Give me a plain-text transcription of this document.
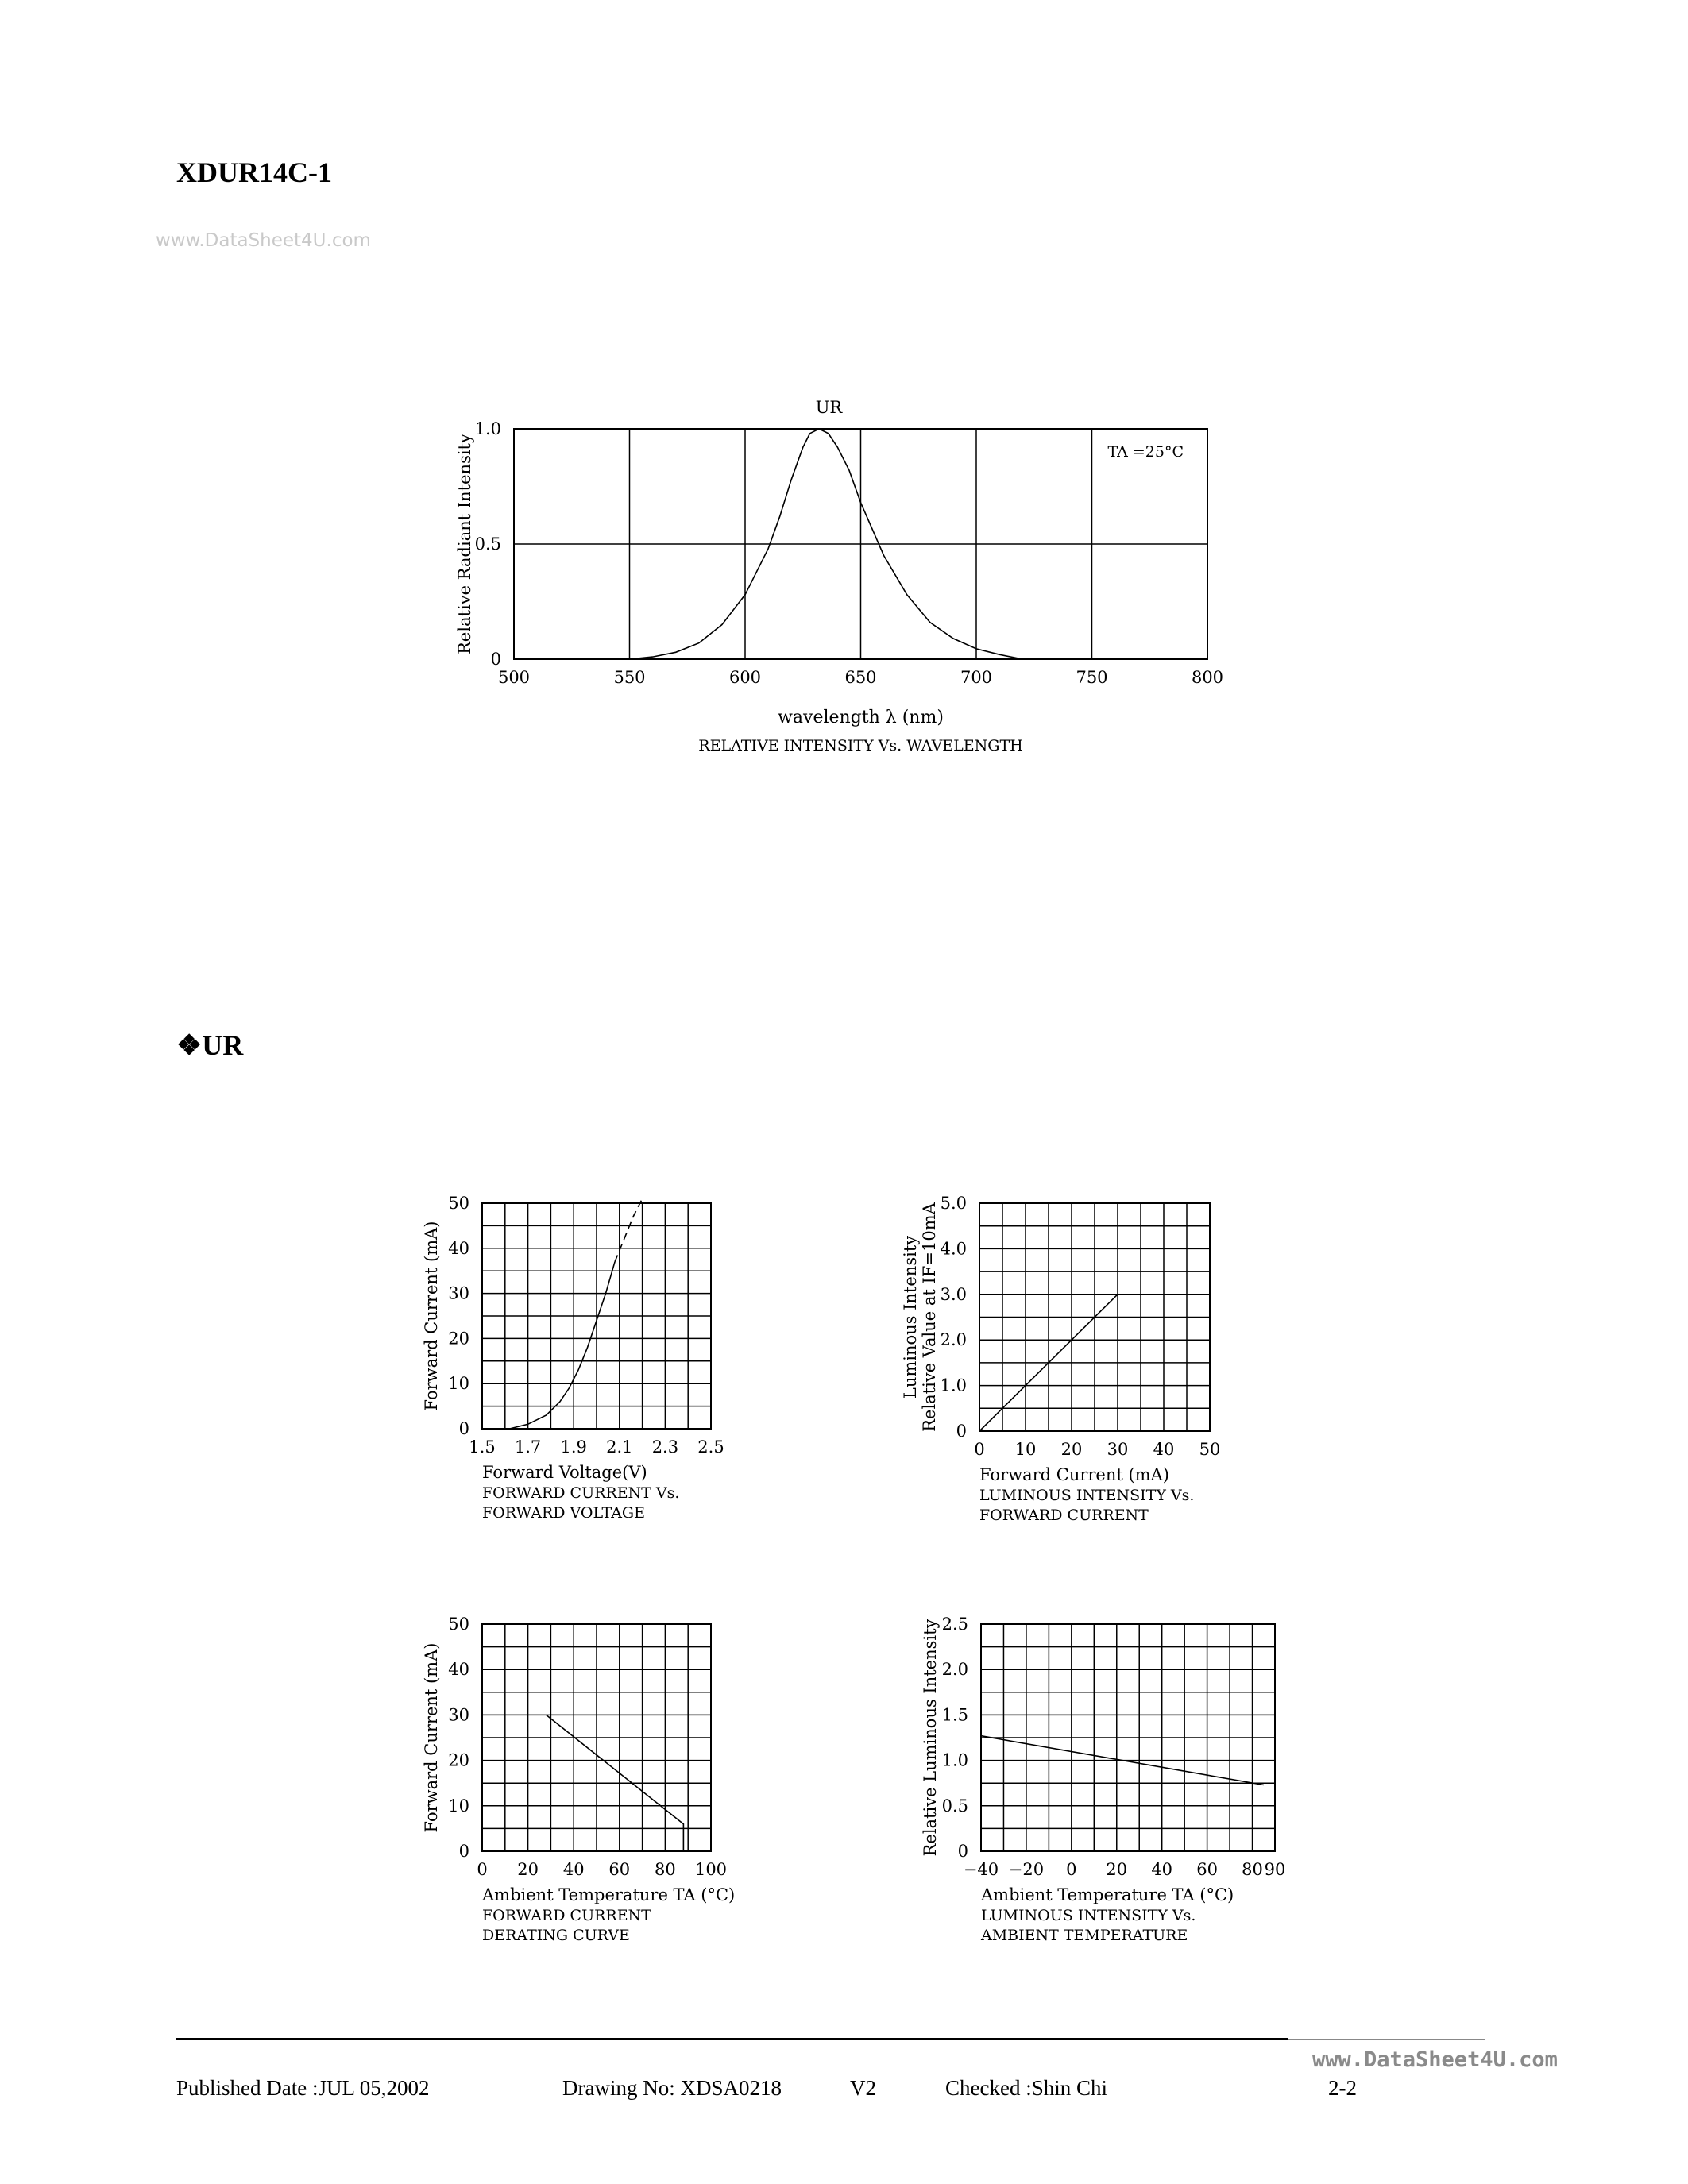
XDUR14C-1
www.DataSheet4U.com
❖UR
500	550	600	650	700	750	800
0
0.5
1.0
UR
TA =25°C
wavelength λ (nm)
RELATIVE INTENSITY Vs. WAVELENGTH
Relative Radiant Intensity
1.5 1.7 1.9 2.1 2.3 2.5
0
10
20
30
40
50
Forward Voltage(V)
FORWARD CURRENT Vs.
FORWARD VOLTAGE
Forward Current (mA)
0 10 20 30 40 50
0
1.0
2.0
3.0
4.0
5.0
Forward Current (mA)
LUMINOUS INTENSITY Vs.
FORWARD CURRENT
Luminous Intensity Relative Value at IF=10mA
0 20 40 60 80 100
0
10
20
30
40
50
Ambient Temperature TA (°C)
FORWARD CURRENT
DERATING CURVE
Forward Current (mA)
−40 −20 0 20 40 60 80 90
0
0.5
1.0
1.5
2.0
2.5
Ambient Temperature TA (°C)
LUMINOUS INTENSITY Vs.
AMBIENT TEMPERATURE
Relative Luminous Intensity
www.DataSheet4U.com
Published Date :JUL 05,2002	Drawing No: XDSA0218	V2	Checked :Shin Chi	2-2
